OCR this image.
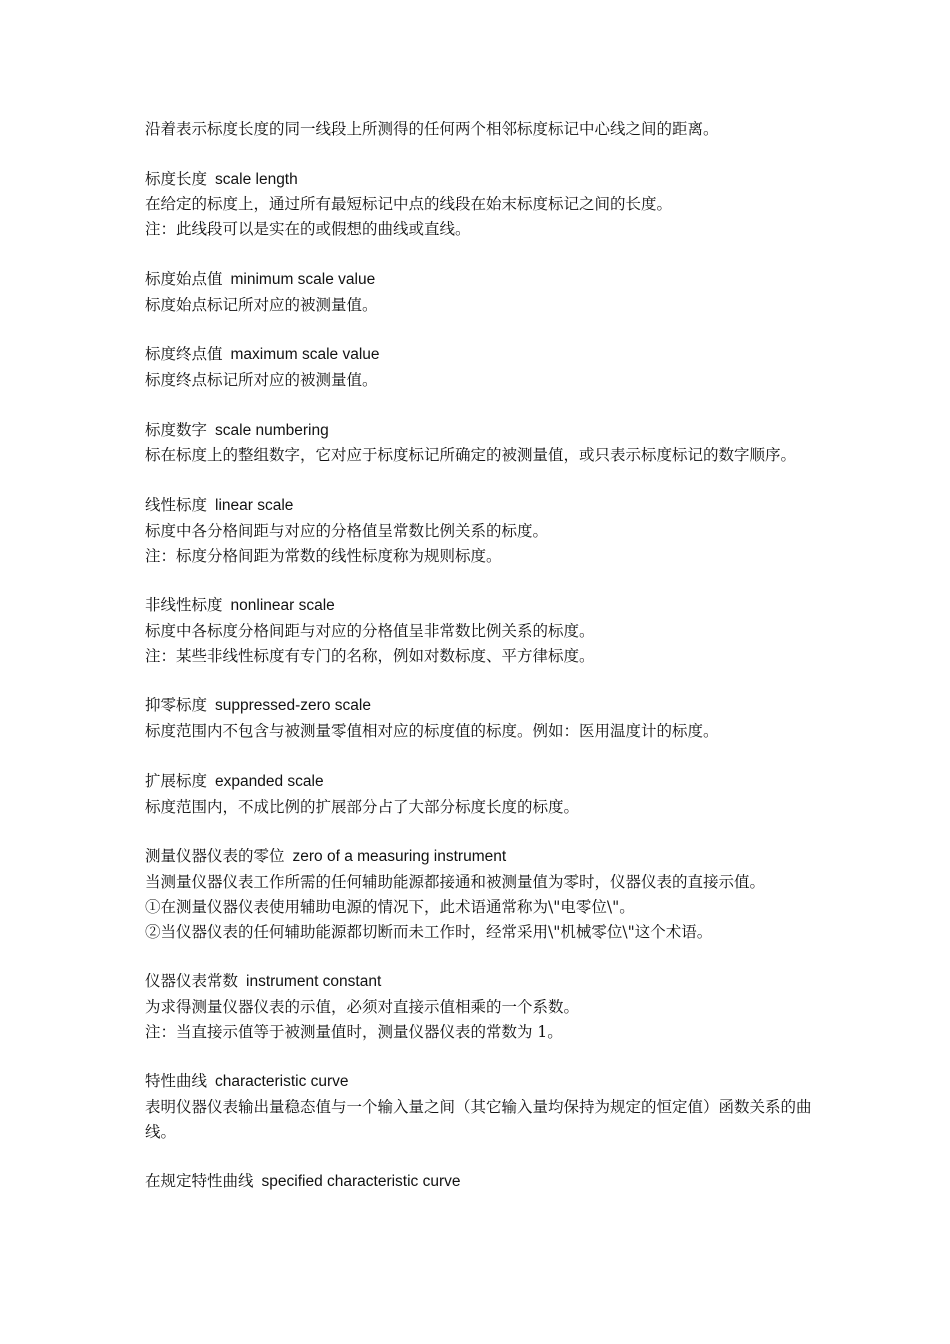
沿着表示标度长度的同一线段上所测得的任何两个相邻标度标记中心线之间的距离。

标度长度 scale length

在给定的标度上，通过所有最短标记中点的线段在始末标度标记之间的长度。

注：此线段可以是实在的或假想的曲线或直线。

标度始点值 minimum scale value

标度始点标记所对应的被测量值。

标度终点值 maximum scale value

标度终点标记所对应的被测量值。

标度数字 scale numbering

标在标度上的整组数字，它对应于标度标记所确定的被测量值，或只表示标度标记的数字顺序。

线性标度 linear scale

标度中各分格间距与对应的分格值呈常数比例关系的标度。

注：标度分格间距为常数的线性标度称为规则标度。

非线性标度 nonlinear scale

标度中各标度分格间距与对应的分格值呈非常数比例关系的标度。

注：某些非线性标度有专门的名称，例如对数标度、平方律标度。

抑零标度 suppressed-zero scale

标度范围内不包含与被测量零值相对应的标度值的标度。例如：医用温度计的标度。

扩展标度 expanded scale

标度范围内，不成比例的扩展部分占了大部分标度长度的标度。

测量仪器仪表的零位 zero of a measuring instrument

当测量仪器仪表工作所需的任何辅助能源都接通和被测量值为零时，仪器仪表的直接示值。

①在测量仪器仪表使用辅助电源的情况下，此术语通常称为\"电零位\"。

②当仪器仪表的任何辅助能源都切断而未工作时，经常采用\"机械零位\"这个术语。

仪器仪表常数 instrument constant

为求得测量仪器仪表的示值，必须对直接示值相乘的一个系数。

注：当直接示值等于被测量值时，测量仪器仪表的常数为 1。

特性曲线 characteristic curve

表明仪器仪表输出量稳态值与一个输入量之间（其它输入量均保持为规定的恒定值）函数关系的曲线。

在规定特性曲线 specified characteristic curve
